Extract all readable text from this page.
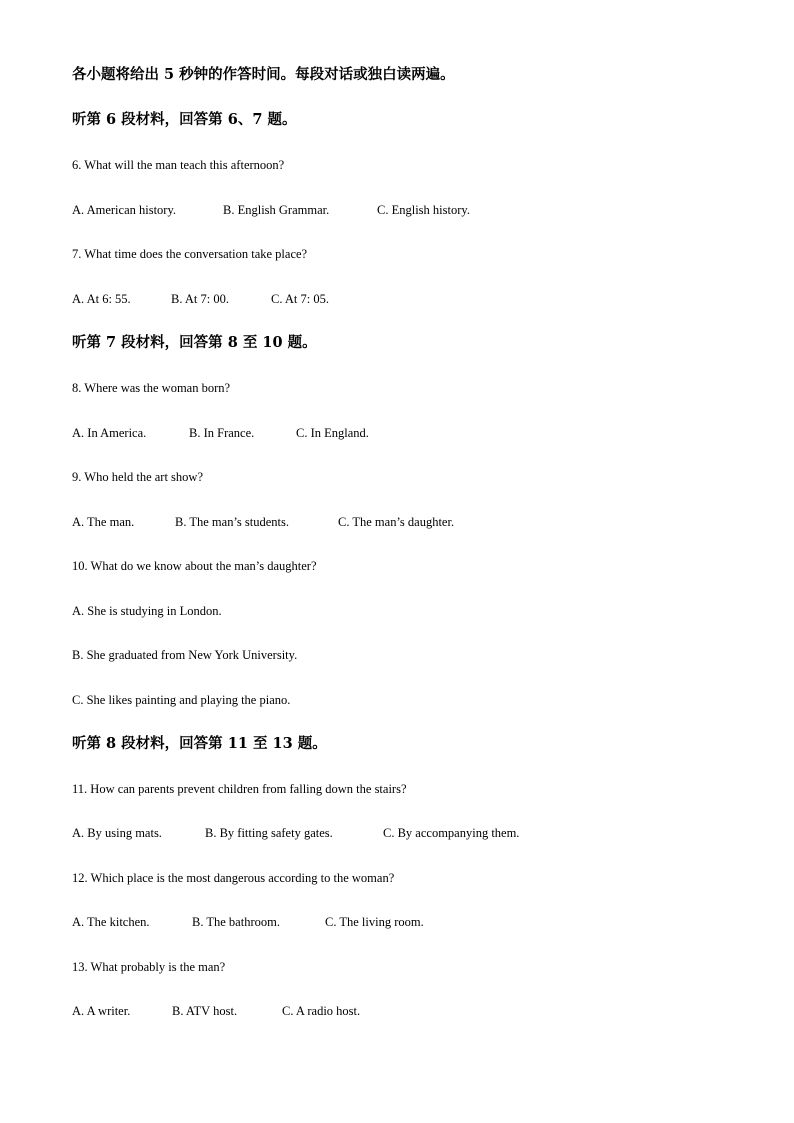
各小题将给出 5 秒钟的作答时间。每段对话或独白读两遍。
听第 6 段材料，回答第 6、7 题。
6. What will the man teach this afternoon?
A. American history.	B. English Grammar.	C. English history.
7. What time does the conversation take place?
A. At 6: 55.	B. At 7: 00.	C. At 7: 05.
听第 7 段材料，回答第 8 至 10 题。
8. Where was the woman born?
A. In America.	B. In France.	C. In England.
9. Who held the art show?
A. The man.	B. The man’s students.	C. The man’s daughter.
10. What do we know about the man’s daughter?
A. She is studying in London.
B. She graduated from New York University.
C. She likes painting and playing the piano.
听第 8 段材料，回答第 11 至 13 题。
11. How can parents prevent children from falling down the stairs?
A. By using mats.	B. By fitting safety gates.	C. By accompanying them.
12. Which place is the most dangerous according to the woman?
A. The kitchen.	B. The bathroom.	C. The living room.
13. What probably is the man?
A. A writer.	B. ATV host.	C. A radio host.
